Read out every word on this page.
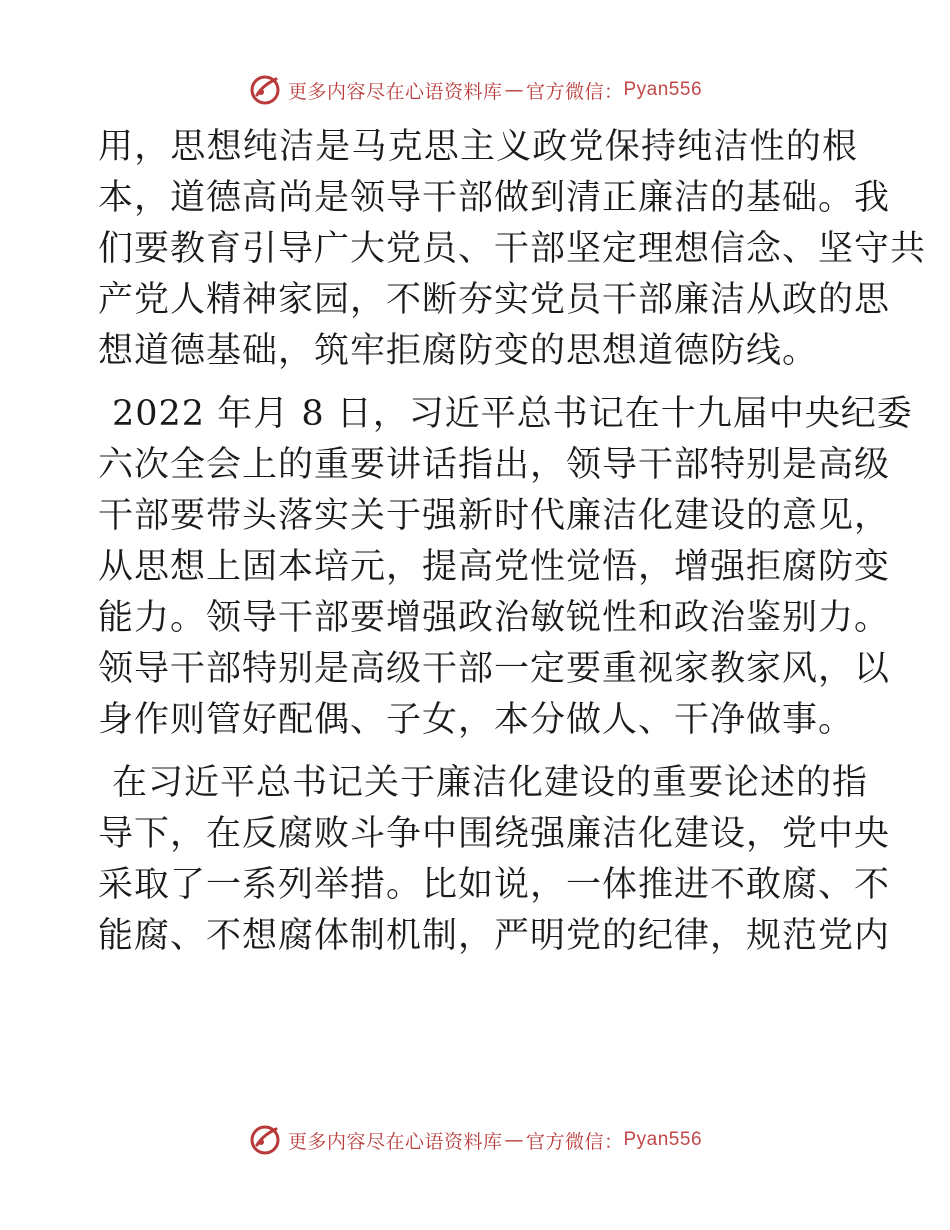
更多内容尽在心语资料库 — 官方微信： Pyan556
用，思想纯洁是马克思主义政党保持纯洁性的根
本，道德高尚是领导干部做到清正廉洁的基础。我
们要教育引导广大党员、干部坚定理想信念、坚守共
产党人精神家园，不断夯实党员干部廉洁从政的思
想道德基础，筑牢拒腐防变的思想道德防线。
2022 年月 8 日，习近平总书记在十九届中央纪委
六次全会上的重要讲话指出，领导干部特别是高级
干部要带头落实关于强新时代廉洁化建设的意见，
从思想上固本培元，提高党性觉悟，增强拒腐防变
能力。领导干部要增强政治敏锐性和政治鉴别力。
领导干部特别是高级干部一定要重视家教家风，以
身作则管好配偶、子女，本分做人、干净做事。
在习近平总书记关于廉洁化建设的重要论述的指
导下，在反腐败斗争中围绕强廉洁化建设，党中央
采取了一系列举措。比如说，一体推进不敢腐、不
能腐、不想腐体制机制，严明党的纪律，规范党内
更多内容尽在心语资料库 — 官方微信： Pyan556
